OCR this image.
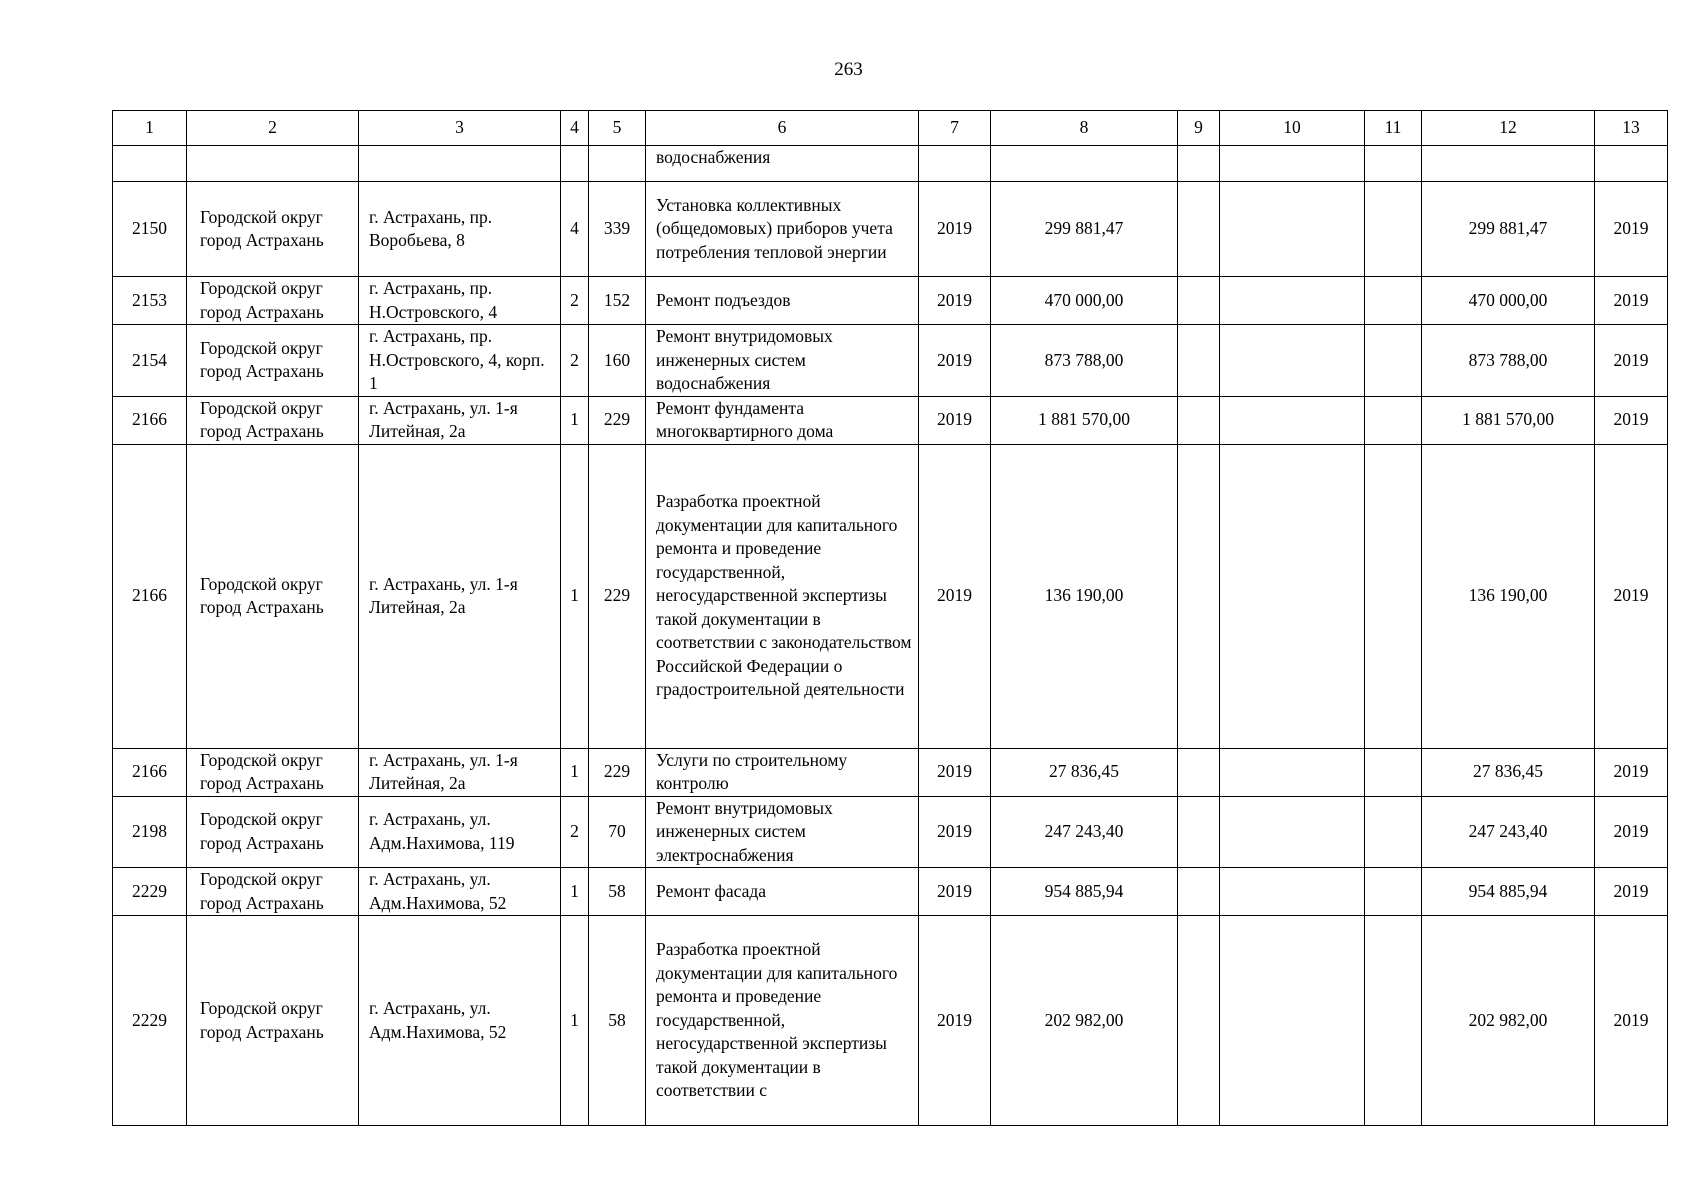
263
1	2	3	4	5	6	7	8	9	10	11	12	13
					водоснабжения							
2150	Городской округ город Астрахань	г. Астрахань, пр. Воробьева, 8	4	339	Установка коллективных (общедомовых) приборов учета потребления тепловой энергии	2019	299 881,47				299 881,47	2019
2153	Городской округ город Астрахань	г. Астрахань, пр. Н.Островского, 4	2	152	Ремонт подъездов	2019	470 000,00				470 000,00	2019
2154	Городской округ город Астрахань	г. Астрахань, пр. Н.Островского, 4, корп. 1	2	160	Ремонт внутридомовых инженерных систем водоснабжения	2019	873 788,00				873 788,00	2019
2166	Городской округ город Астрахань	г. Астрахань, ул. 1-я Литейная, 2а	1	229	Ремонт фундамента многоквартирного дома	2019	1 881 570,00				1 881 570,00	2019
2166	Городской округ город Астрахань	г. Астрахань, ул. 1-я Литейная, 2а	1	229	Разработка проектной документации для капитального ремонта и проведение государственной, негосударственной экспертизы такой документации в соответствии с законодательством Российской Федерации о градостроительной деятельности	2019	136 190,00				136 190,00	2019
2166	Городской округ город Астрахань	г. Астрахань, ул. 1-я Литейная, 2а	1	229	Услуги по строительному контролю	2019	27 836,45				27 836,45	2019
2198	Городской округ город Астрахань	г. Астрахань, ул. Адм.Нахимова, 119	2	70	Ремонт внутридомовых инженерных систем электроснабжения	2019	247 243,40				247 243,40	2019
2229	Городской округ город Астрахань	г. Астрахань, ул. Адм.Нахимова, 52	1	58	Ремонт фасада	2019	954 885,94				954 885,94	2019
2229	Городской округ город Астрахань	г. Астрахань, ул. Адм.Нахимова, 52	1	58	Разработка проектной документации для капитального ремонта и проведение государственной, негосударственной экспертизы такой документации в соответствии с	2019	202 982,00				202 982,00	2019
